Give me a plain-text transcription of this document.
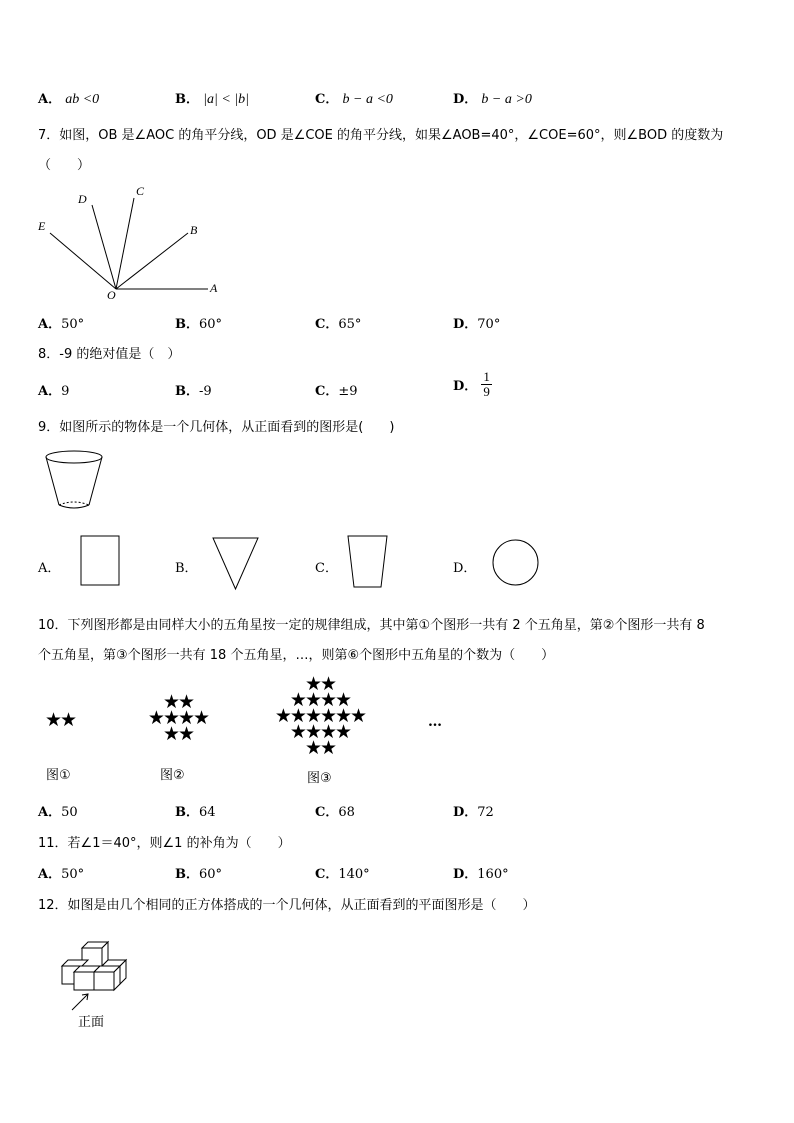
A． ab <0	B． |a| < |b|	C． b − a <0	D． b − a >0
7．如图，OB 是∠AOC 的角平分线，OD 是∠COE 的角平分线，如果∠AOB=40°，∠COE=60°，则∠BOD 的度数为
（　　）
E
D
C
B
O	A
A．50°	B．60°	C．65°	D．70°
8．-9 的绝对值是（　）
A．9	B．-9	C．±9	D． $\frac{1}{9}$
9．如图所示的物体是一个几何体，从正面看到的图形是(　　)
A．	B．	C．	D．
10．下列图形都是由同样大小的五角星按一定的规律组成，其中第①个图形一共有 2 个五角星，第②个图形一共有 8
个五角星，第③个图形一共有 18 个五角星，…，则第⑥个图形中五角星的个数为（　　）
★★
图①
★★
★★★★
★★
图②
★★
★★★★
★★★★★★
★★★★
★★
图③
…
A．50	B．64	C．68	D．72
11．若∠1＝40°，则∠1 的补角为（　　）
A．50°	B．60°	C．140°	D．160°
12．如图是由几个相同的正方体搭成的一个几何体，从正面看到的平面图形是（　　）
正面
